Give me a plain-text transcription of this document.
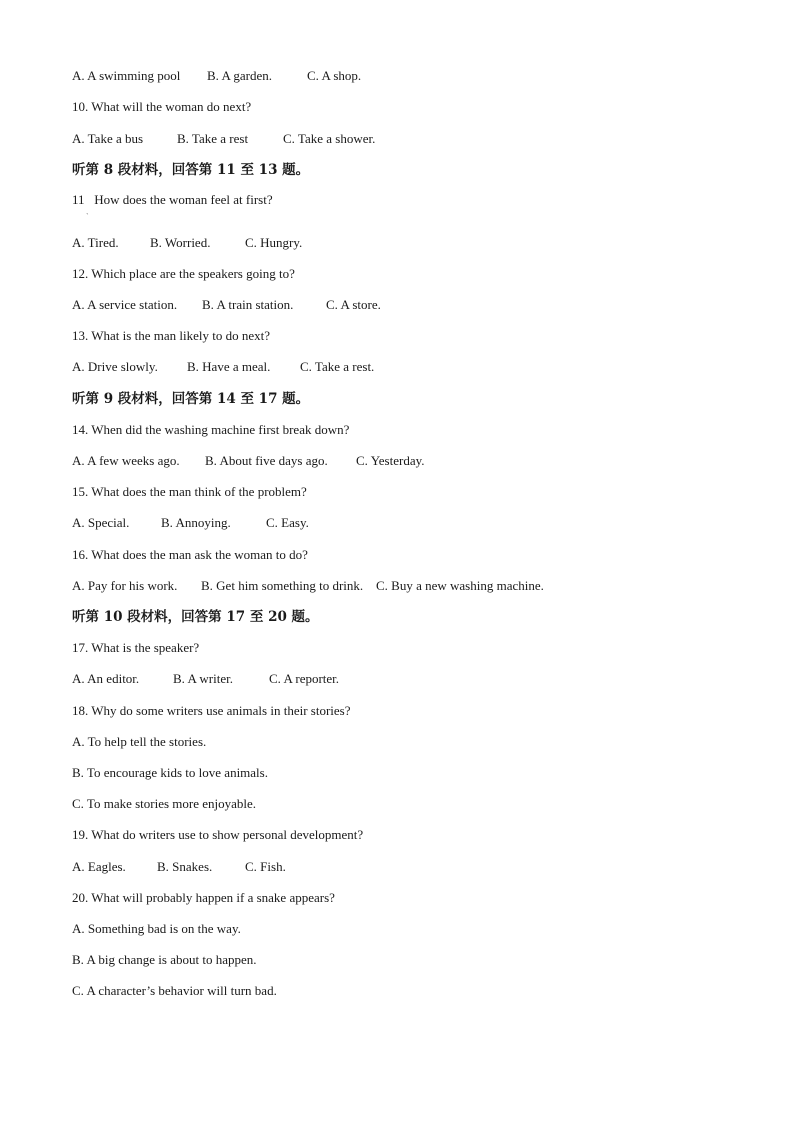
A. A swimming pool B. A garden.	C. A shop.
10. What will the woman do next?
A. Take a bus	B. Take a rest	C. Take a shower.
听第 8 段材料，回答第 11 至 13 题。
11   How does the woman feel at first?
A. Tired. B. Worried.	C. Hungry.
12. Which place are the speakers going to?
A. A service station. B. A train station.	C. A store.
13. What is the man likely to do next?
A. Drive slowly. B. Have a meal. C. Take a rest.
听第 9 段材料，回答第 14 至 17 题。
14. When did the washing machine first break down?
A. A few weeks ago. B. About five days ago. C. Yesterday.
15. What does the man think of the problem?
A. Special. B. Annoying.	C. Easy.
16. What does the man ask the woman to do?
A. Pay for his work. B. Get him something to drink. C. Buy a new washing machine.
听第 10 段材料，回答第 17 至 20 题。
17. What is the speaker?
A. An editor.	B. A writer.	C. A reporter.
18. Why do some writers use animals in their stories?
A. To help tell the stories.
B. To encourage kids to love animals.
C. To make stories more enjoyable.
19. What do writers use to show personal development?
A. Eagles. B. Snakes.	C. Fish.
20. What will probably happen if a snake appears?
A. Something bad is on the way.
B. A big change is about to happen.
C. A character’s behavior will turn bad.
`
